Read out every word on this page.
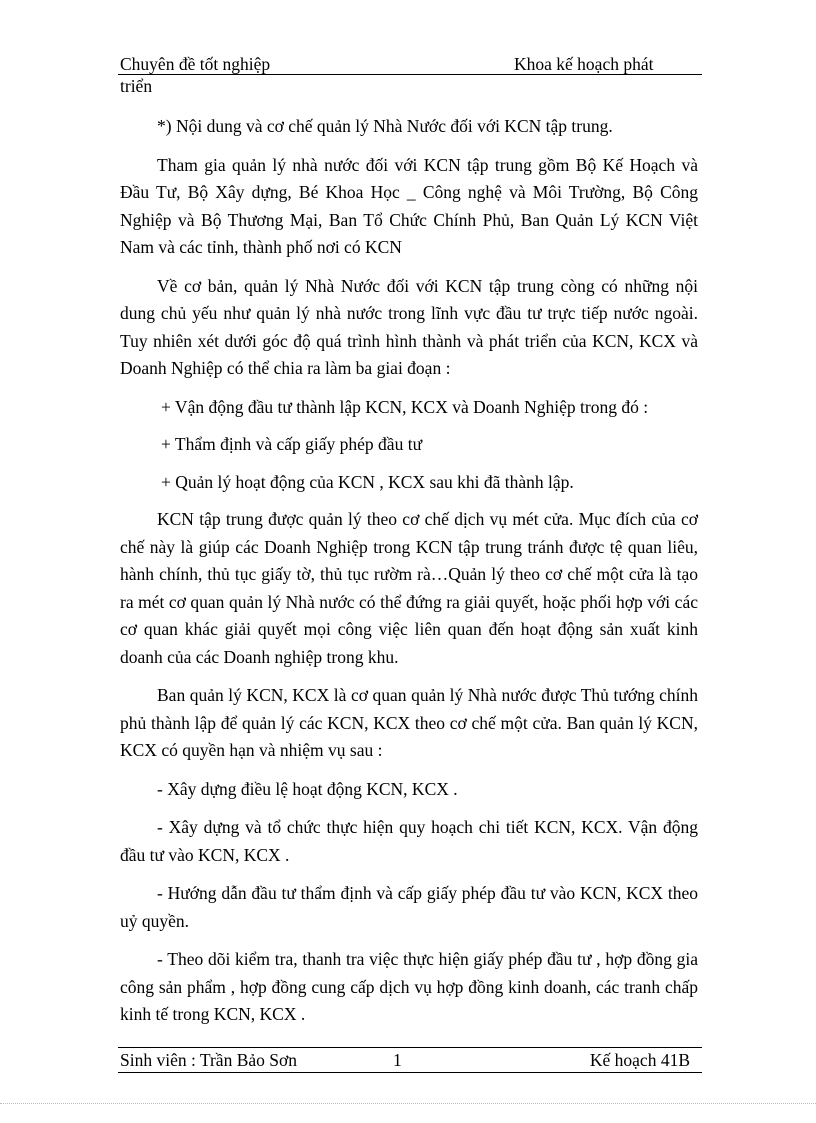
Chuyên đề tốt nghiệp	Khoa kế hoạch phát
triển

*) Nội dung và cơ chế quản lý Nhà Nước đối với KCN tập trung.

Tham gia quản lý nhà nước đối với KCN tập trung gồm Bộ Kế Hoạch và Đầu Tư, Bộ Xây dựng, Bé Khoa Học _ Công nghệ và Môi Trường, Bộ Công Nghiệp và Bộ Thương Mại, Ban Tổ Chức Chính Phủ, Ban Quản Lý KCN Việt Nam và các tỉnh, thành phố nơi có KCN

Về cơ bản, quản lý Nhà Nước đối với KCN tập trung còng có những nội dung chủ yếu như quản lý nhà nước trong lĩnh vực đầu tư trực tiếp nước ngoài. Tuy nhiên xét dưới góc độ quá trình hình thành và phát triển của KCN, KCX và Doanh Nghiệp có thể chia ra làm ba giai đoạn :

+ Vận động đầu tư thành lập KCN, KCX và Doanh Nghiệp trong đó :

+ Thẩm định và cấp giấy phép đầu tư

+ Quản lý hoạt động của KCN , KCX sau khi đã thành lập.

KCN tập trung được quản lý theo cơ chế dịch vụ mét cửa. Mục đích của cơ chế này là giúp các Doanh Nghiệp trong KCN tập trung tránh được tệ quan liêu, hành chính, thủ tục giấy tờ, thủ tục rườm rà…Quản lý theo cơ chế một cửa là tạo ra mét cơ quan quản lý Nhà nước có thể đứng ra giải quyết, hoặc phối hợp với các cơ quan khác giải quyết mọi công việc liên quan đến hoạt động sản xuất kinh doanh của các Doanh nghiệp trong khu.

Ban quản lý KCN, KCX là cơ quan quản lý Nhà nước được Thủ tướng chính phủ thành lập để quản lý các KCN, KCX theo cơ chế một cửa. Ban quản lý KCN, KCX có quyền hạn và nhiệm vụ sau :

- Xây dựng điều lệ hoạt động KCN, KCX .

- Xây dựng và tổ chức thực hiện quy hoạch chi tiết KCN, KCX. Vận động đầu tư vào KCN, KCX .

- Hướng dẫn đầu tư thẩm định và cấp giấy phép đầu tư vào KCN, KCX theo uỷ quyền.

- Theo dõi kiểm tra, thanh tra việc thực hiện giấy phép đầu tư , hợp đồng gia công sản phẩm , hợp đồng cung cấp dịch vụ hợp đồng kinh doanh, các tranh chấp kinh tế trong KCN, KCX .

Sinh viên : Trần Bảo Sơn	1	Kế hoạch 41B
